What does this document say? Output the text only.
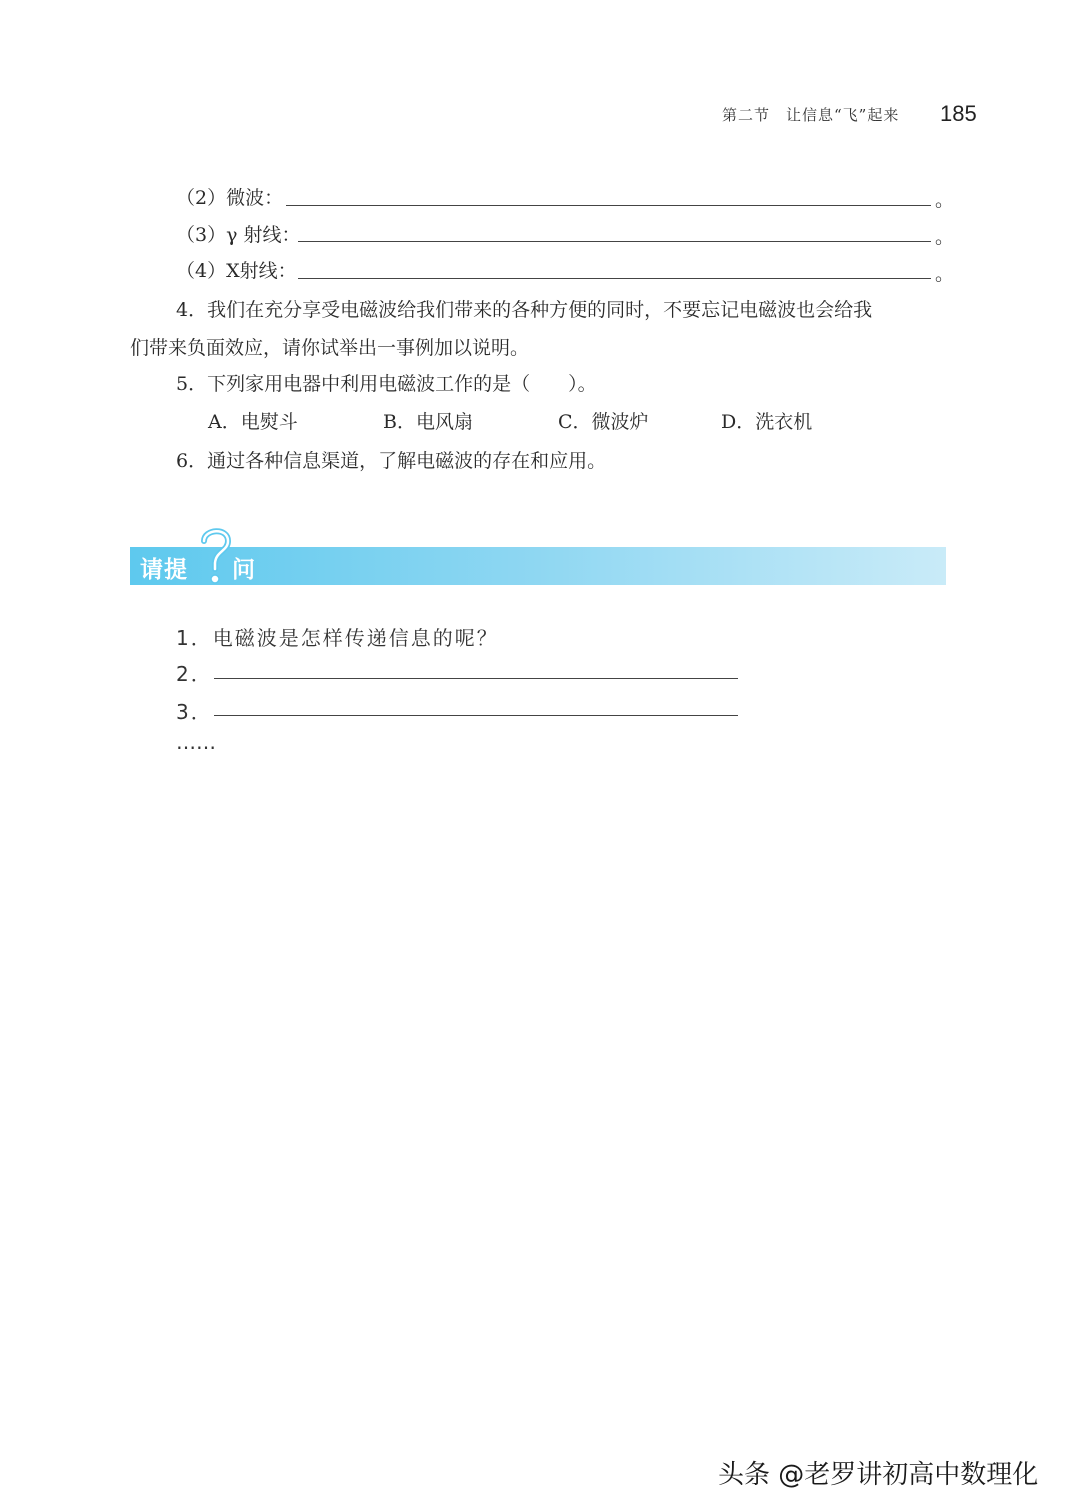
第二节　让信息“飞”起来 185
（2）微波：	。
（3）γ 射线：	。
（4）X射线：	。
4．我们在充分享受电磁波给我们带来的各种方便的同时，不要忘记电磁波也会给我
们带来负面效应，请你试举出一事例加以说明。
5．下列家用电器中利用电磁波工作的是（　　）。
A．电熨斗	B．电风扇	C．微波炉	D．洗衣机
6．通过各种信息渠道，了解电磁波的存在和应用。
请提 问
1．电磁波是怎样传递信息的呢？
2．
3．
……
头条 @老罗讲初高中数理化
